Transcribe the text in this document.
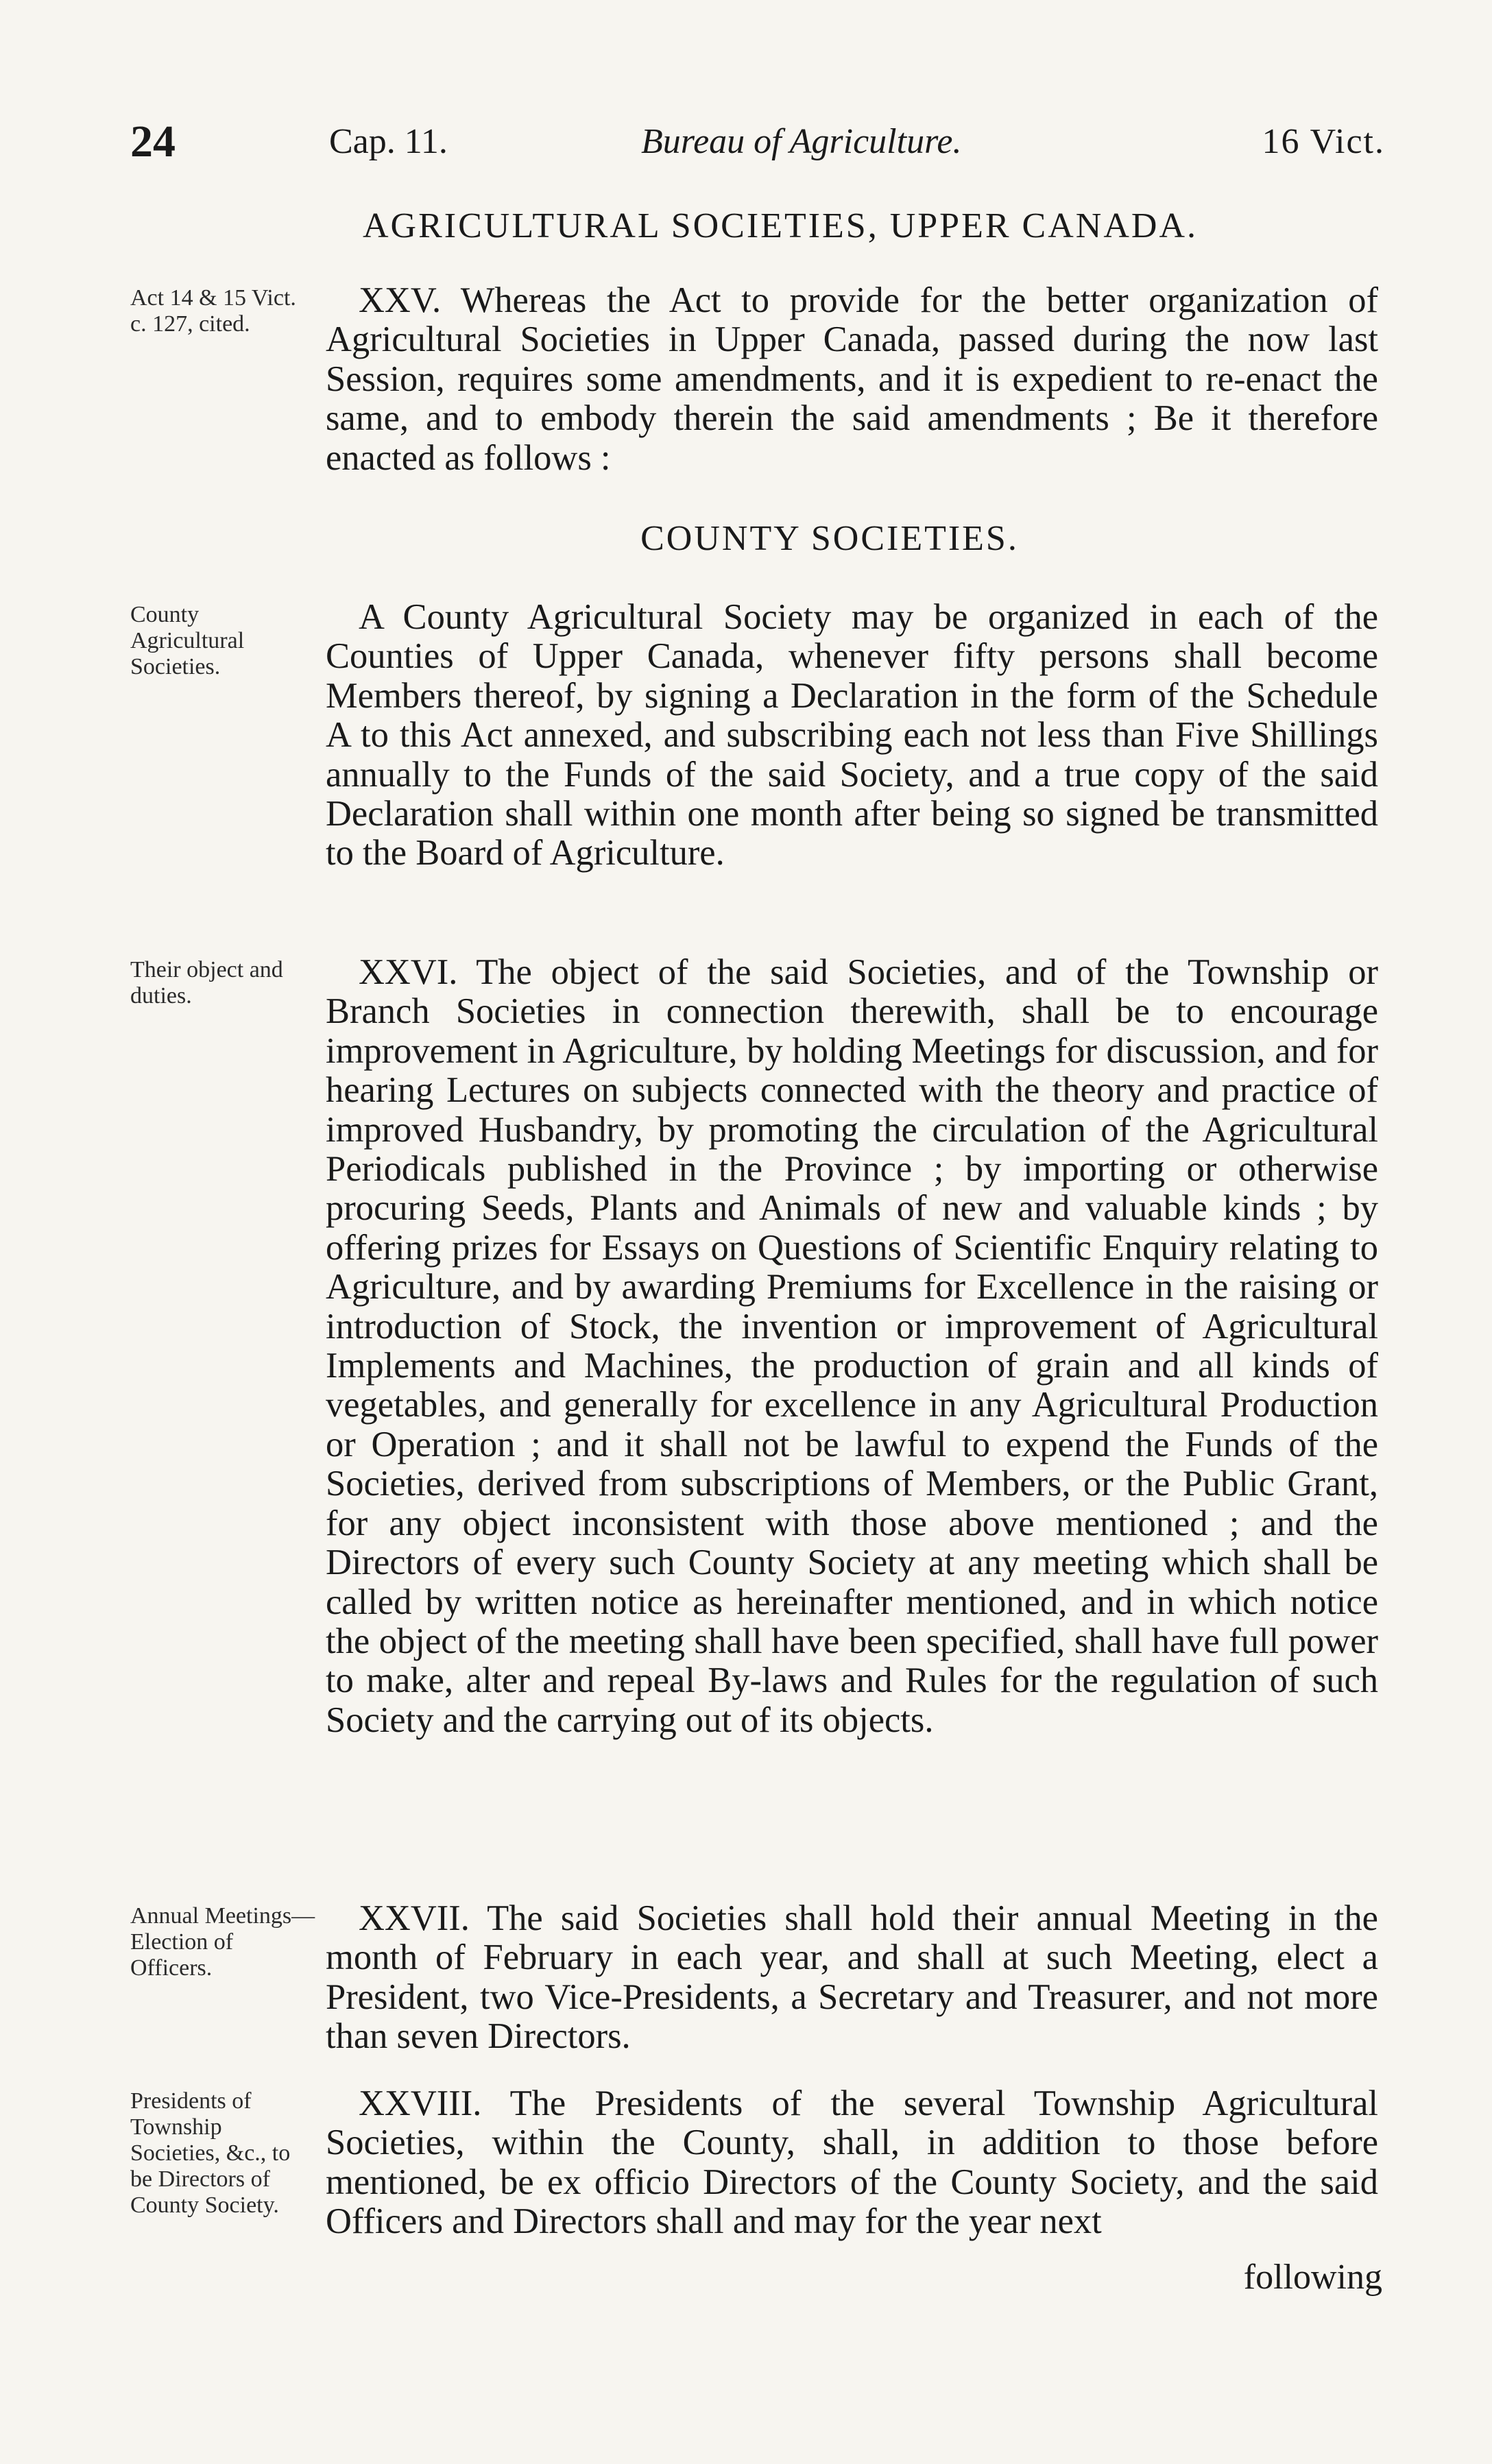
24	Cap. 11.	Bureau of Agriculture.	16 Vict.
AGRICULTURAL SOCIETIES, UPPER CANADA.
Act 14 & 15 Vict. c. 127, cited.

XXV. Whereas the Act to provide for the better organization of Agricultural Societies in Upper Canada, passed during the now last Session, requires some amendments, and it is expedient to re-enact the same, and to embody therein the said amendments ; Be it therefore enacted as follows :

COUNTY SOCIETIES.
County Agricultural Societies.

A County Agricultural Society may be organized in each of the Counties of Upper Canada, whenever fifty persons shall become Members thereof, by signing a Declaration in the form of the Schedule A to this Act annexed, and subscribing each not less than Five Shillings annually to the Funds of the said Society, and a true copy of the said Declaration shall within one month after being so signed be transmitted to the Board of Agriculture.

Their object and duties.

XXVI. The object of the said Societies, and of the Township or Branch Societies in connection therewith, shall be to encourage improvement in Agriculture, by holding Meetings for discussion, and for hearing Lectures on subjects connected with the theory and practice of improved Husbandry, by promoting the circulation of the Agricultural Periodicals published in the Province ; by importing or otherwise procuring Seeds, Plants and Animals of new and valuable kinds ; by offering prizes for Essays on Questions of Scientific Enquiry relating to Agriculture, and by awarding Premiums for Excellence in the raising or introduction of Stock, the invention or improvement of Agricultural Implements and Machines, the production of grain and all kinds of vegetables, and generally for excellence in any Agricultural Production or Operation ; and it shall not be lawful to expend the Funds of the Societies, derived from subscriptions of Members, or the Public Grant, for any object inconsistent with those above mentioned ; and the Directors of every such County Society at any meeting which shall be called by written notice as hereinafter mentioned, and in which notice the object of the meeting shall have been specified, shall have full power to make, alter and repeal By-laws and Rules for the regulation of such Society and the carrying out of its objects.

Annual Meetings— Election of Officers.

XXVII. The said Societies shall hold their annual Meeting in the month of February in each year, and shall at such Meeting, elect a President, two Vice-Presidents, a Secretary and Treasurer, and not more than seven Directors.

Presidents of Township Societies, &c., to be Directors of County Society.

XXVIII. The Presidents of the several Township Agricultural Societies, within the County, shall, in addition to those before mentioned, be ex officio Directors of the County Society, and the said Officers and Directors shall and may for the year next

following
